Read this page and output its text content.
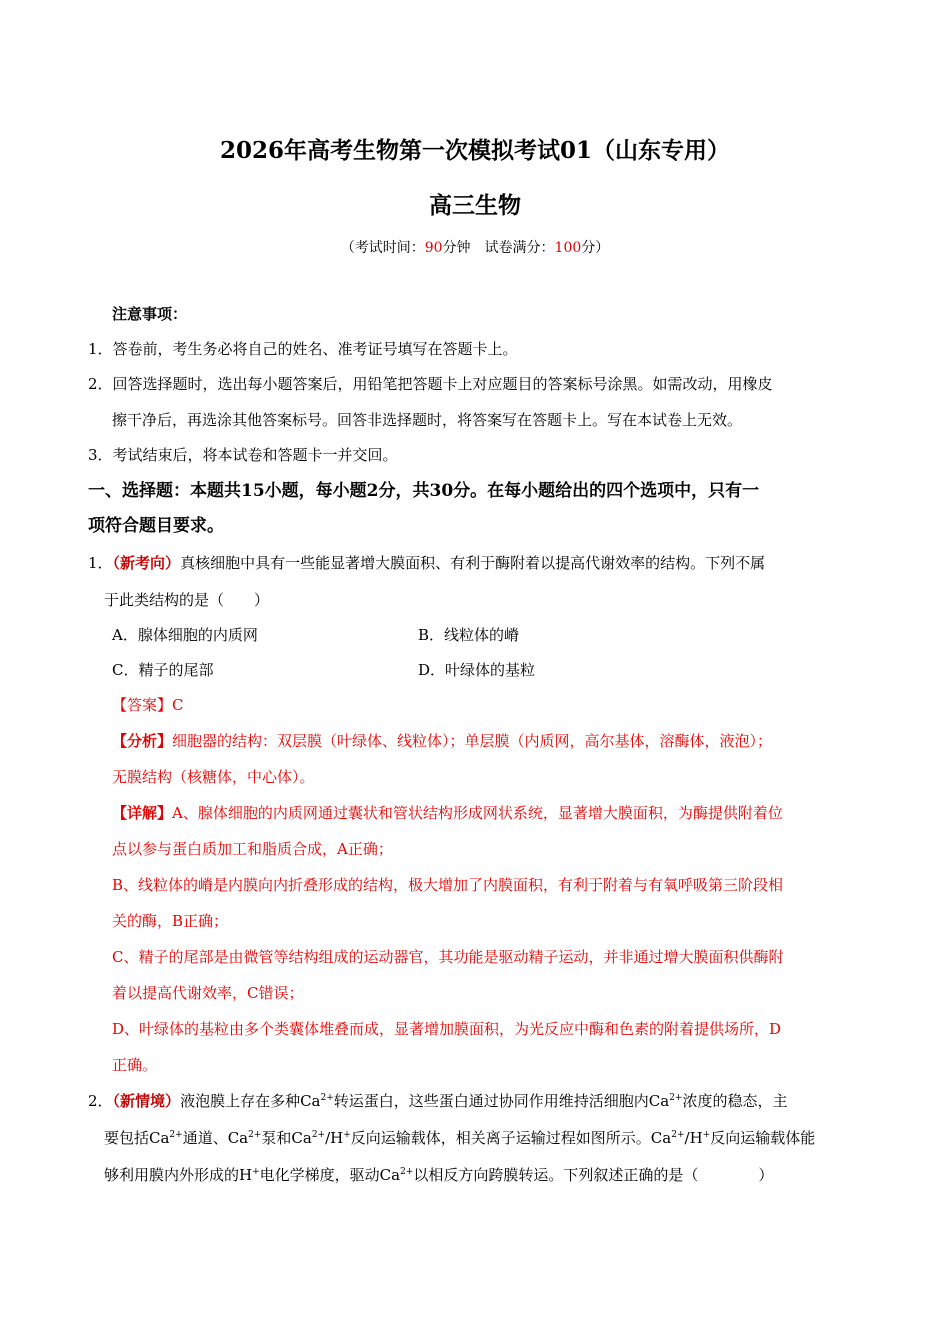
2026年高考生物第一次模拟考试01（山东专用）
高三生物
（考试时间：90分钟　试卷满分：100分）
注意事项：
1．答卷前，考生务必将自己的姓名、准考证号填写在答题卡上。
2．回答选择题时，选出每小题答案后，用铅笔把答题卡上对应题目的答案标号涂黑。如需改动，用橡皮
擦干净后，再选涂其他答案标号。回答非选择题时，将答案写在答题卡上。写在本试卷上无效。
3．考试结束后，将本试卷和答题卡一并交回。
一、选择题：本题共15小题，每小题2分，共30分。在每小题给出的四个选项中，只有一
项符合题目要求。
1．（新考向）真核细胞中具有一些能显著增大膜面积、有利于酶附着以提高代谢效率的结构。下列不属
于此类结构的是（　　）
A．腺体细胞的内质网	B．线粒体的嵴
C．精子的尾部	D．叶绿体的基粒
【答案】C
【分析】细胞器的结构：双层膜（叶绿体、线粒体）；单层膜（内质网，高尔基体，溶酶体，液泡）；
无膜结构（核糖体，中心体）。
【详解】A、腺体细胞的内质网通过囊状和管状结构形成网状系统，显著增大膜面积，为酶提供附着位
点以参与蛋白质加工和脂质合成，A正确；
B、线粒体的嵴是内膜向内折叠形成的结构，极大增加了内膜面积，有利于附着与有氧呼吸第三阶段相
关的酶，B正确；
C、精子的尾部是由微管等结构组成的运动器官，其功能是驱动精子运动，并非通过增大膜面积供酶附
着以提高代谢效率，C错误；
D、叶绿体的基粒由多个类囊体堆叠而成，显著增加膜面积，为光反应中酶和色素的附着提供场所，D
正确。
2．（新情境）液泡膜上存在多种$Ca^{2+}$转运蛋白，这些蛋白通过协同作用维持活细胞内$Ca^{2+}$浓度的稳态，主
要包括$Ca^{2+}$通道、$Ca^{2+}$泵和$Ca^{2+}/H^+$反向运输载体，相关离子运输过程如图所示。$Ca^{2+}/H^+$反向运输载体能
够利用膜内外形成的H+电化学梯度，驱动$Ca^{2+}$以相反方向跨膜转运。下列叙述正确的是（　　　　）
